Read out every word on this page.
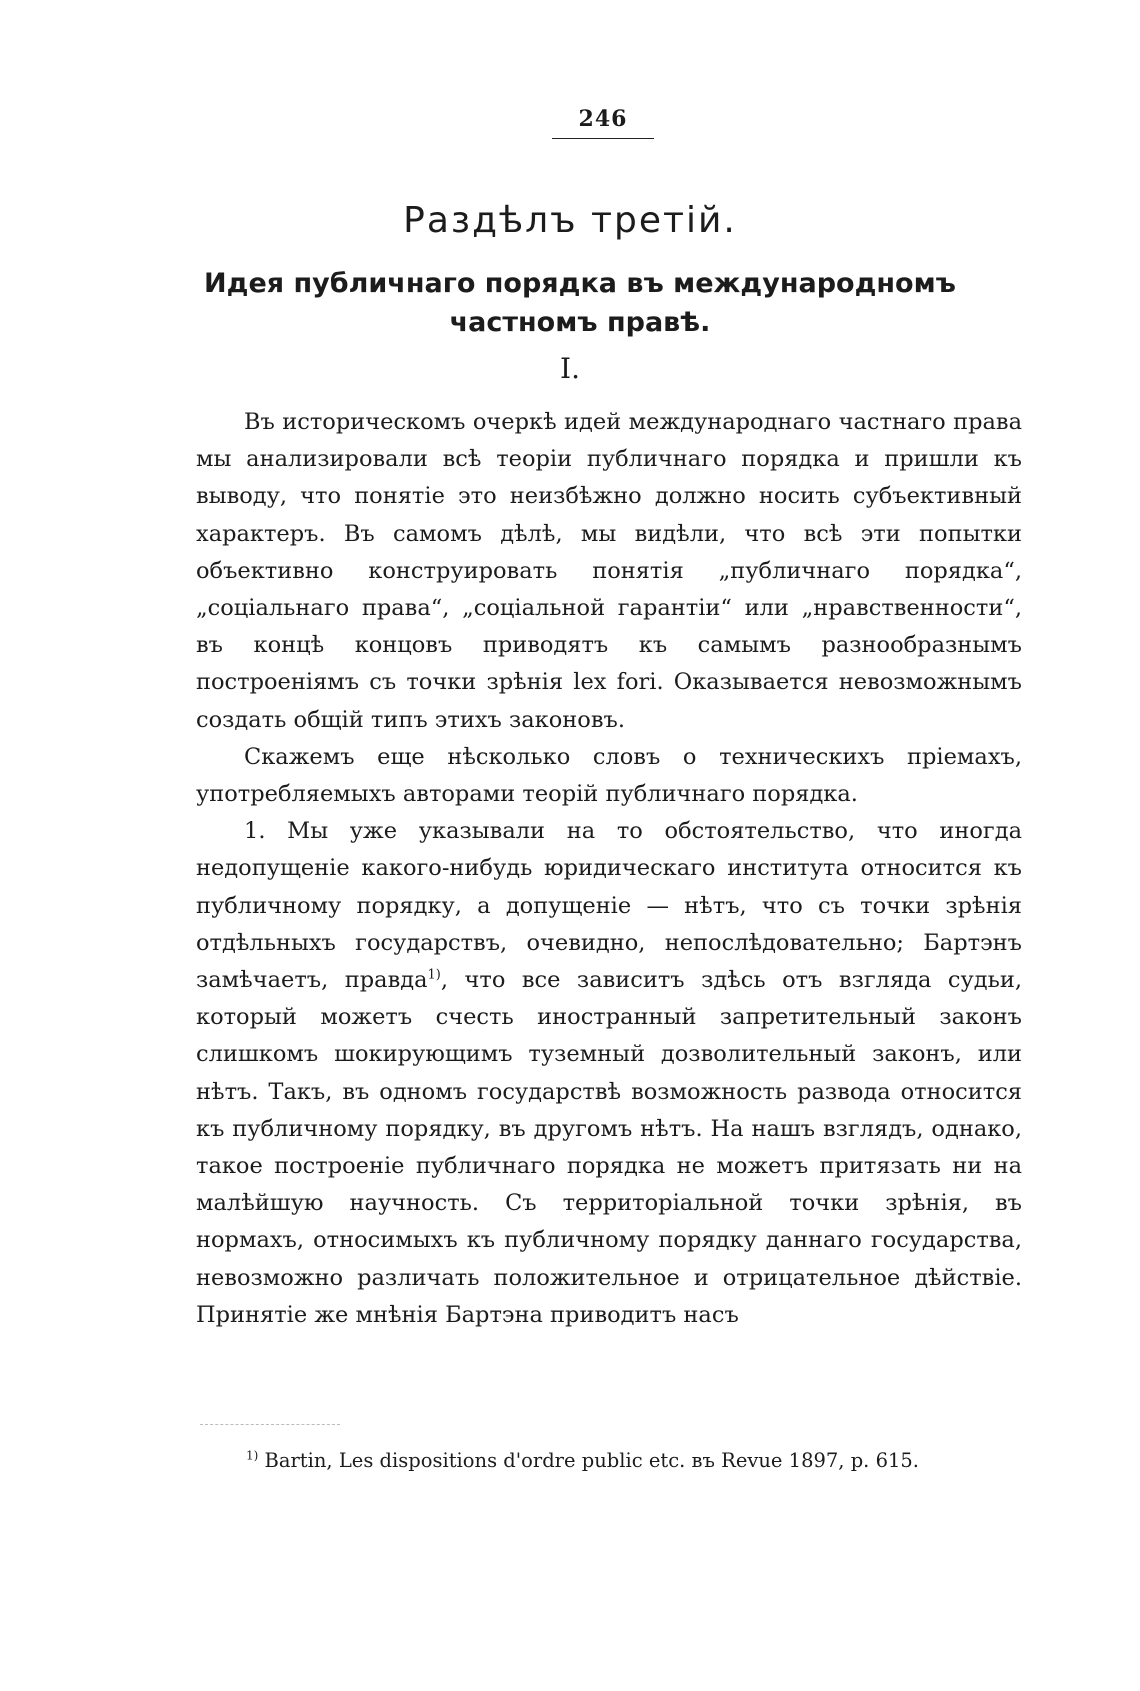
246
Раздѣлъ третій.
Идея публичнаго порядка въ международномъ частномъ правѣ.
I.

Въ историческомъ очеркѣ идей международнаго частнаго права мы анализировали всѣ теоріи публичнаго порядка и пришли къ выводу, что понятіе это неизбѣжно должно носить субъективный характеръ. Въ самомъ дѣлѣ, мы видѣли, что всѣ эти попытки объективно конструировать понятія „публичнаго порядка“, „соціальнаго права“, „соціальной гарантіи“ или „нравственности“, въ концѣ концовъ приводятъ къ самымъ разнообразнымъ построеніямъ съ точки зрѣнія lex fori. Оказывается невозможнымъ создать общій типъ этихъ законовъ.

Скажемъ еще нѣсколько словъ о техническихъ пріемахъ, употребляемыхъ авторами теорій публичнаго порядка.

1. Мы уже указывали на то обстоятельство, что иногда недопущеніе какого-нибудь юридическаго института относится къ публичному порядку, а допущеніе — нѣтъ, что съ точки зрѣнія отдѣльныхъ государствъ, очевидно, непослѣдовательно; Бартэнъ замѣчаетъ, правда$^{1)}$, что все зависитъ здѣсь отъ взгляда судьи, который можетъ счесть иностранный запретительный законъ слишкомъ шокирующимъ туземный дозволительный законъ, или нѣтъ. Такъ, въ одномъ государствѣ возможность развода относится къ публичному порядку, въ другомъ нѣтъ. На нашъ взглядъ, однако, такое построеніе публичнаго порядка не можетъ притязать ни на малѣйшую научность. Съ территоріальной точки зрѣнія, въ нормахъ, относимыхъ къ публичному порядку даннаго государства, невозможно различать положительное и отрицательное дѣйствіе. Принятіе же мнѣнія Бартэна приводитъ насъ

$^{1)}$ Bartin, Les dispositions d'ordre public etc. въ Revue 1897, p. 615.
